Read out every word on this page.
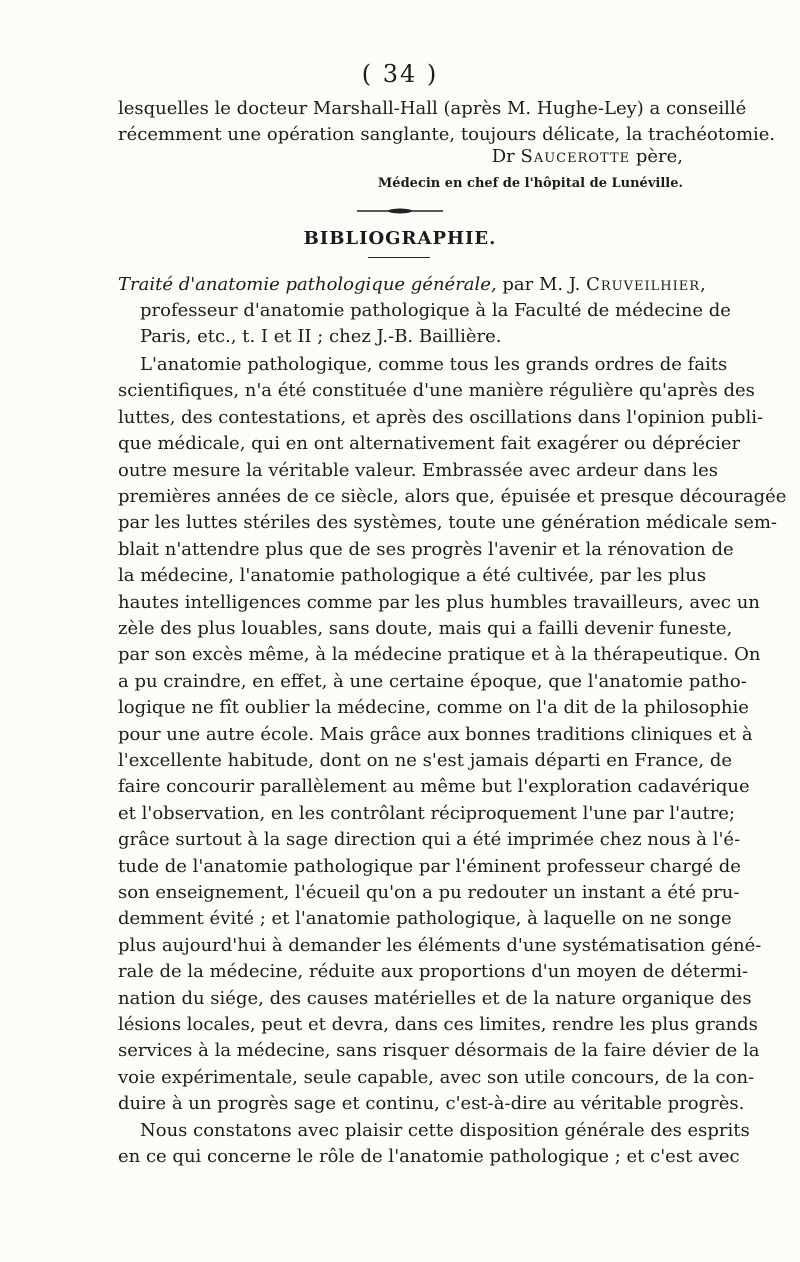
( 34 )
lesquelles le docteur Marshall-Hall (après M. Hughe-Ley) a conseillé
récemment une opération sanglante, toujours délicate, la trachéotomie.
Dr Saucerotte père,
Médecin en chef de l'hôpital de Lunéville.
BIBLIOGRAPHIE.
Traité d'anatomie pathologique générale, par M. J. Cruveilhier,
professeur d'anatomie pathologique à la Faculté de médecine de
Paris, etc., t. I et II ; chez J.-B. Baillière.
L'anatomie pathologique, comme tous les grands ordres de faits
scientifiques, n'a été constituée d'une manière régulière qu'après des
luttes, des contestations, et après des oscillations dans l'opinion publi-
que médicale, qui en ont alternativement fait exagérer ou déprécier
outre mesure la véritable valeur. Embrassée avec ardeur dans les
premières années de ce siècle, alors que, épuisée et presque découragée
par les luttes stériles des systèmes, toute une génération médicale sem-
blait n'attendre plus que de ses progrès l'avenir et la rénovation de
la médecine, l'anatomie pathologique a été cultivée, par les plus
hautes intelligences comme par les plus humbles travailleurs, avec un
zèle des plus louables, sans doute, mais qui a failli devenir funeste,
par son excès même, à la médecine pratique et à la thérapeutique. On
a pu craindre, en effet, à une certaine époque, que l'anatomie patho-
logique ne fît oublier la médecine, comme on l'a dit de la philosophie
pour une autre école. Mais grâce aux bonnes traditions cliniques et à
l'excellente habitude, dont on ne s'est jamais départi en France, de
faire concourir parallèlement au même but l'exploration cadavérique
et l'observation, en les contrôlant réciproquement l'une par l'autre;
grâce surtout à la sage direction qui a été imprimée chez nous à l'é-
tude de l'anatomie pathologique par l'éminent professeur chargé de
son enseignement, l'écueil qu'on a pu redouter un instant a été pru-
demment évité ; et l'anatomie pathologique, à laquelle on ne songe
plus aujourd'hui à demander les éléments d'une systématisation géné-
rale de la médecine, réduite aux proportions d'un moyen de détermi-
nation du siége, des causes matérielles et de la nature organique des
lésions locales, peut et devra, dans ces limites, rendre les plus grands
services à la médecine, sans risquer désormais de la faire dévier de la
voie expérimentale, seule capable, avec son utile concours, de la con-
duire à un progrès sage et continu, c'est-à-dire au véritable progrès.
Nous constatons avec plaisir cette disposition générale des esprits
en ce qui concerne le rôle de l'anatomie pathologique ; et c'est avec
